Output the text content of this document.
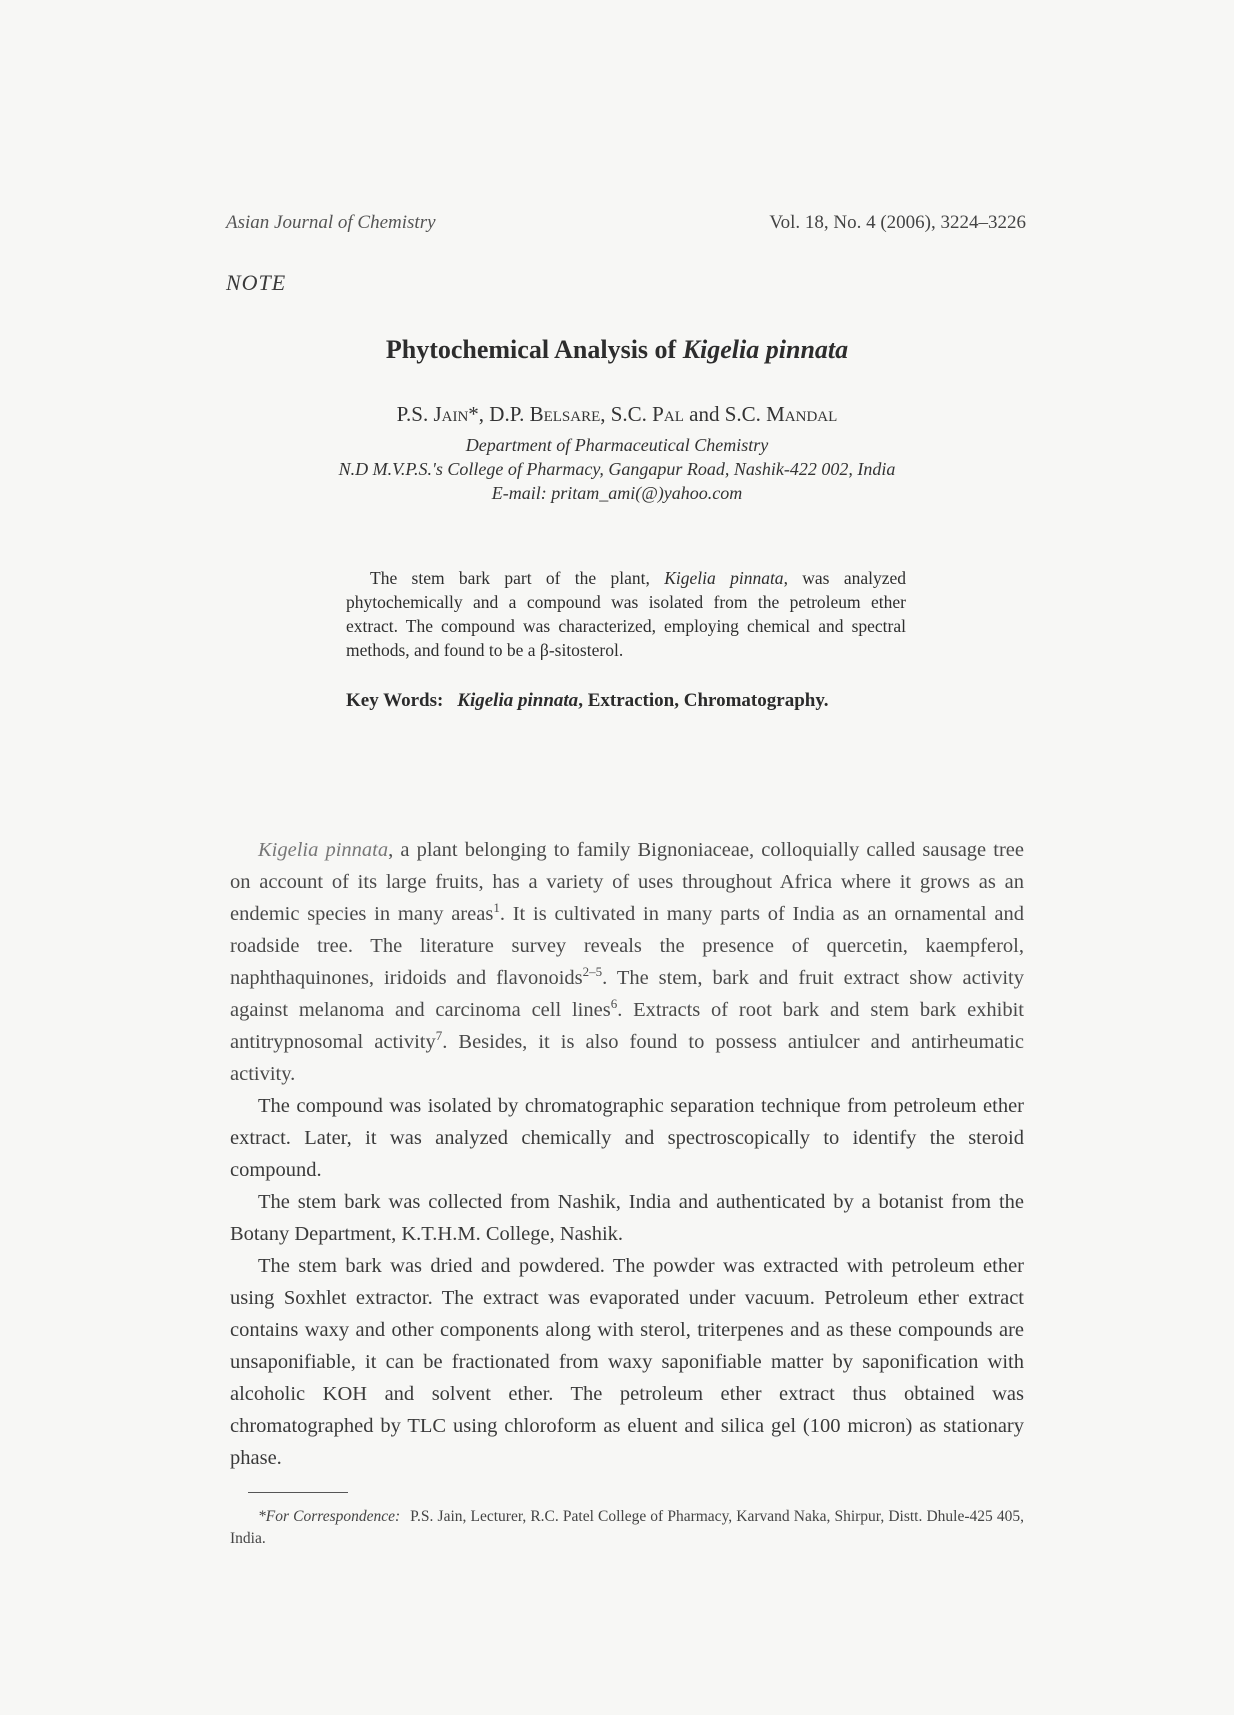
Asian Journal of Chemistry	Vol. 18, No. 4 (2006), 3224–3226
NOTE
Phytochemical Analysis of Kigelia pinnata
P.S. Jain*, D.P. Belsare, S.C. Pal and S.C. Mandal
Department of Pharmaceutical Chemistry
N.D M.V.P.S.'s College of Pharmacy, Gangapur Road, Nashik-422 002, India
E-mail: pritam_ami(@)yahoo.com
The stem bark part of the plant, Kigelia pinnata, was analyzed phytochemically and a compound was isolated from the petroleum ether extract. The compound was characterized, employing chemical and spectral methods, and found to be a β-sitosterol.
Key Words: Kigelia pinnata, Extraction, Chromatography.

Kigelia pinnata, a plant belonging to family Bignoniaceae, colloquially called sausage tree on account of its large fruits, has a variety of uses throughout Africa where it grows as an endemic species in many areas$^1$. It is cultivated in many parts of India as an ornamental and roadside tree. The literature survey reveals the presence of quercetin, kaempferol, naphthaquinones, iridoids and flavonoids$^{2-5}$. The stem, bark and fruit extract show activity against melanoma and carcinoma cell lines$^6$. Extracts of root bark and stem bark exhibit antitrypnosomal activity$^7$. Besides, it is also found to possess antiulcer and antirheumatic activity.

The compound was isolated by chromatographic separation technique from petroleum ether extract. Later, it was analyzed chemically and spectroscopically to identify the steroid compound.

The stem bark was collected from Nashik, India and authenticated by a botanist from the Botany Department, K.T.H.M. College, Nashik.

The stem bark was dried and powdered. The powder was extracted with petroleum ether using Soxhlet extractor. The extract was evaporated under vacuum. Petroleum ether extract contains waxy and other components along with sterol, triterpenes and as these compounds are unsaponifiable, it can be fractionated from waxy saponifiable matter by saponification with alcoholic KOH and solvent ether. The petroleum ether extract thus obtained was chromatographed by TLC using chloroform as eluent and silica gel (100 micron) as stationary phase.

*For Correspondence: P.S. Jain, Lecturer, R.C. Patel College of Pharmacy, Karvand Naka, Shirpur, Distt. Dhule-425 405, India.
